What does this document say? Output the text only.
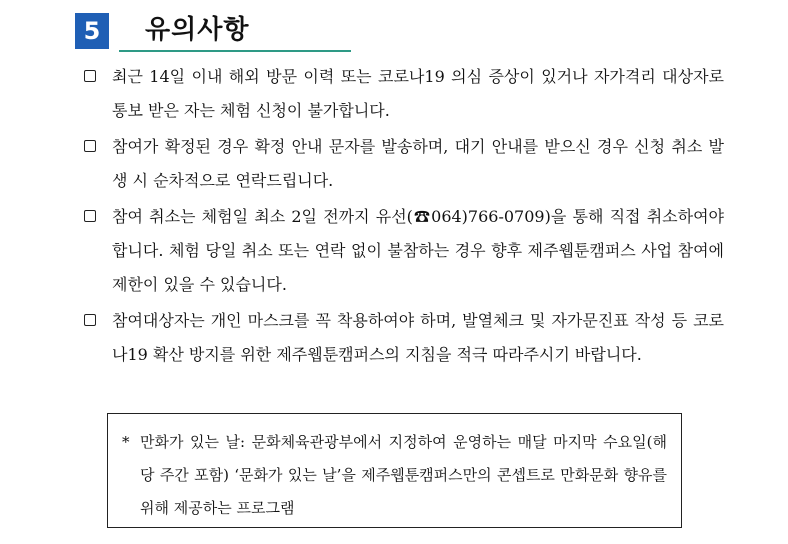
5	유의사항
최근 14일 이내 해외 방문 이력 또는 코로나19 의심 증상이 있거나 자가격리 대상자로 통보 받은 자는 체험 신청이 불가합니다.
참여가 확정된 경우 확정 안내 문자를 발송하며, 대기 안내를 받으신 경우 신청 취소 발생 시 순차적으로 연락드립니다.
참여 취소는 체험일 최소 2일 전까지 유선(☎064)766-0709)을 통해 직접 취소하여야 합니다. 체험 당일 취소 또는 연락 없이 불참하는 경우 향후 제주웹툰캠퍼스 사업 참여에 제한이 있을 수 있습니다.
참여대상자는 개인 마스크를 꼭 착용하여야 하며, 발열체크 및 자가문진표 작성 등 코로나19 확산 방지를 위한 제주웹툰캠퍼스의 지침을 적극 따라주시기 바랍니다.
* 만화가 있는 날: 문화체육관광부에서 지정하여 운영하는 매달 마지막 수요일(해당 주간 포함) ‘문화가 있는 날’을 제주웹툰캠퍼스만의 콘셉트로 만화문화 향유를 위해 제공하는 프로그램
